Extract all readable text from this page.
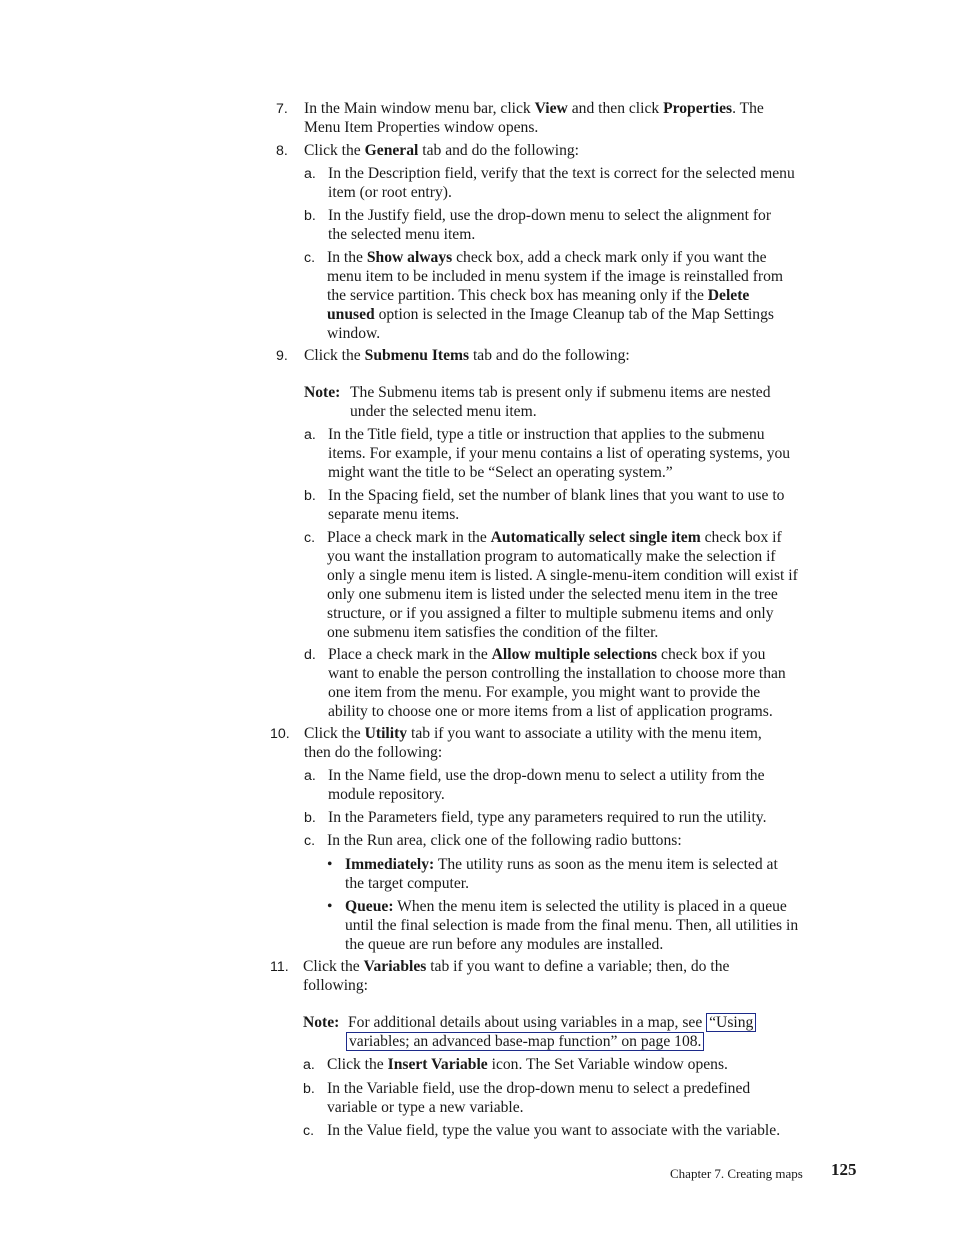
7. In the Main window menu bar, click View and then click Properties. The
Menu Item Properties window opens.
8. Click the General tab and do the following:
a. In the Description field, verify that the text is correct for the selected menu
item (or root entry).
b. In the Justify field, use the drop-down menu to select the alignment for
the selected menu item.
c. In the Show always check box, add a check mark only if you want the
menu item to be included in menu system if the image is reinstalled from
the service partition. This check box has meaning only if the Delete
unused option is selected in the Image Cleanup tab of the Map Settings
window.
9. Click the Submenu Items tab and do the following:
Note: The Submenu items tab is present only if submenu items are nested
under the selected menu item.
a. In the Title field, type a title or instruction that applies to the submenu
items. For example, if your menu contains a list of operating systems, you
might want the title to be “Select an operating system.”
b. In the Spacing field, set the number of blank lines that you want to use to
separate menu items.
c. Place a check mark in the Automatically select single item check box if
you want the installation program to automatically make the selection if
only a single menu item is listed. A single-menu-item condition will exist if
only one submenu item is listed under the selected menu item in the tree
structure, or if you assigned a filter to multiple submenu items and only
one submenu item satisfies the condition of the filter.
d. Place a check mark in the Allow multiple selections check box if you
want to enable the person controlling the installation to choose more than
one item from the menu. For example, you might want to provide the
ability to choose one or more items from a list of application programs.
10. Click the Utility tab if you want to associate a utility with the menu item,
then do the following:
a. In the Name field, use the drop-down menu to select a utility from the
module repository.
b. In the Parameters field, type any parameters required to run the utility.
c. In the Run area, click one of the following radio buttons:
• Immediately: The utility runs as soon as the menu item is selected at
the target computer.
• Queue: When the menu item is selected the utility is placed in a queue
until the final selection is made from the final menu. Then, all utilities in
the queue are run before any modules are installed.
11. Click the Variables tab if you want to define a variable; then, do the
following:
Note: For additional details about using variables in a map, see “Using
variables; an advanced base-map function” on page 108.
a. Click the Insert Variable icon. The Set Variable window opens.
b. In the Variable field, use the drop-down menu to select a predefined
variable or type a new variable.
c. In the Value field, type the value you want to associate with the variable.
Chapter 7. Creating maps 125
